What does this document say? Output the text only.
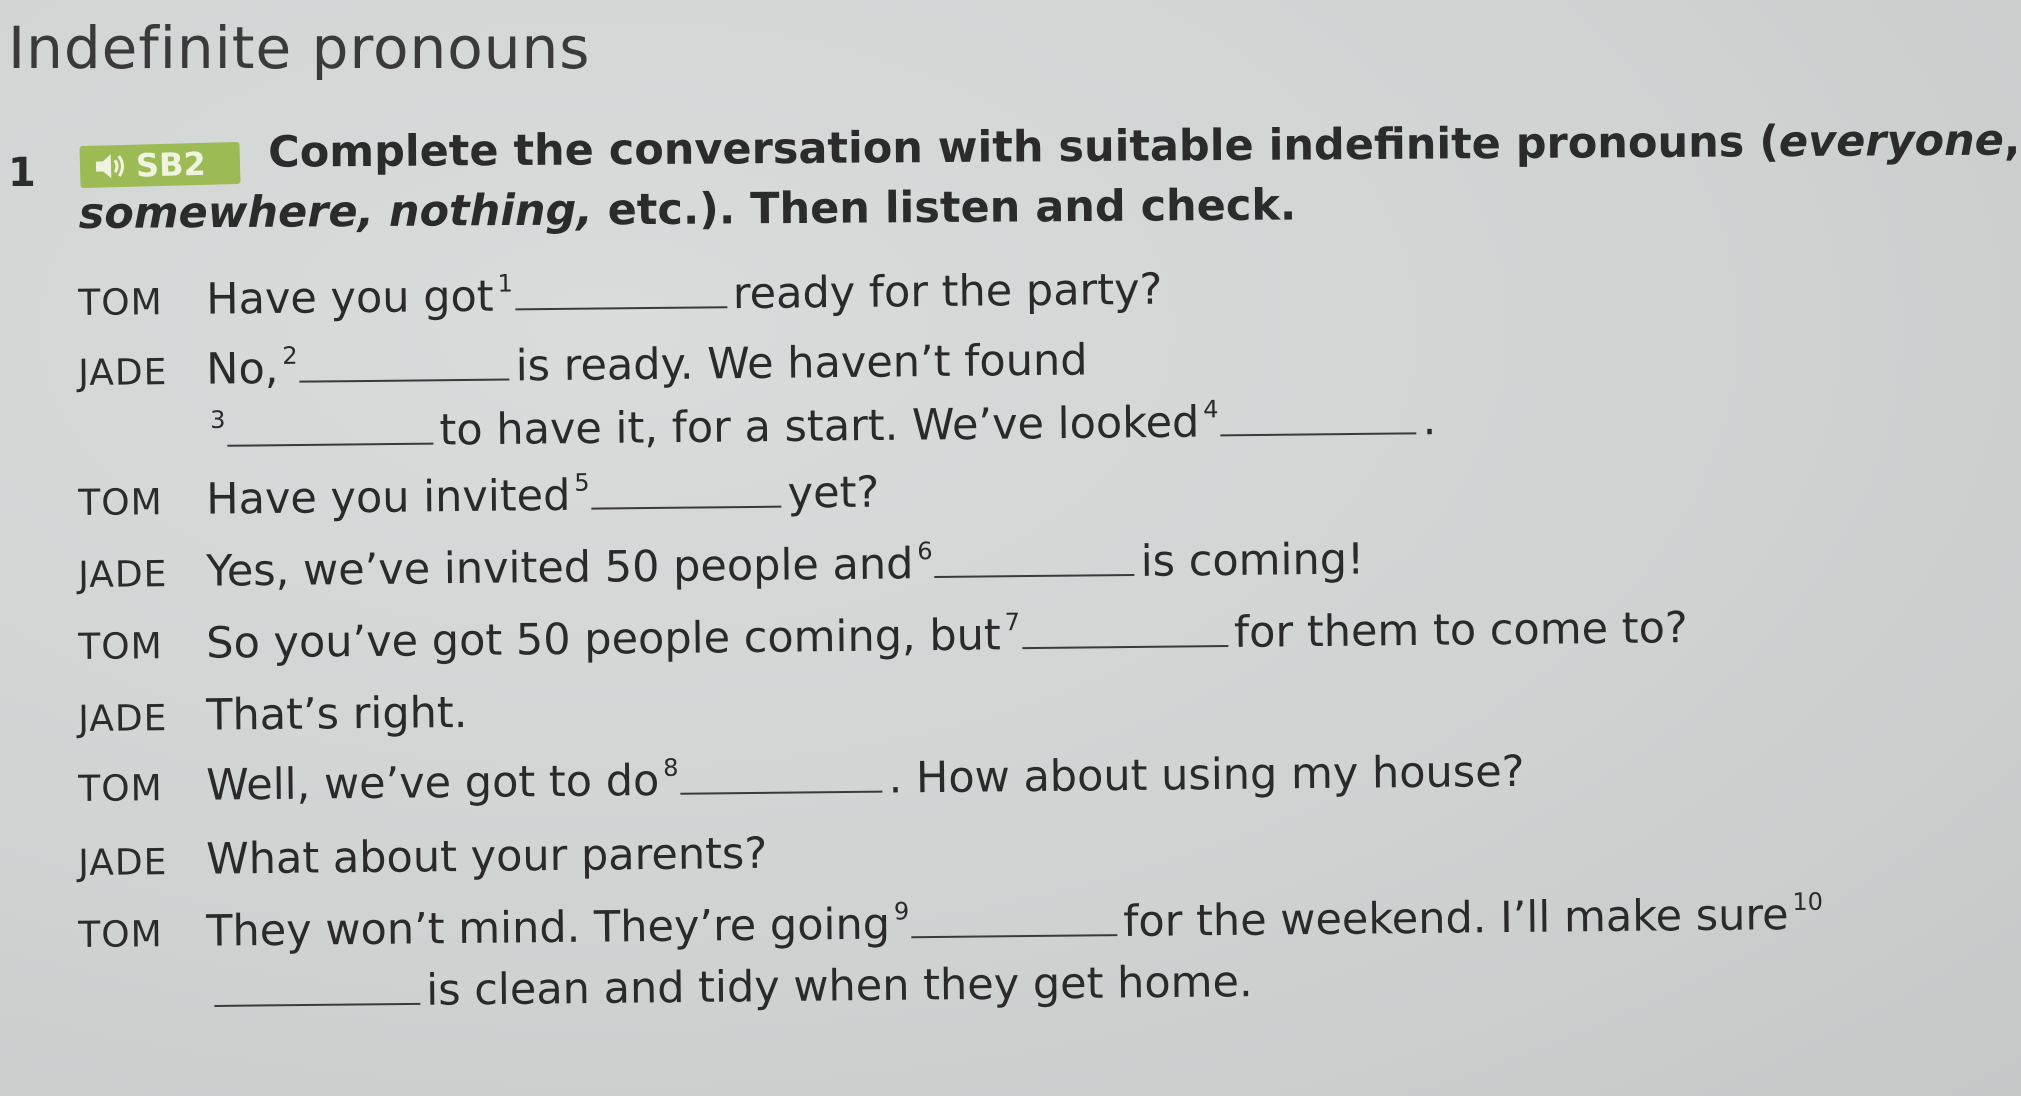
Indefinite pronouns
1	SB2	Complete the conversation with suitable indefinite pronouns (everyone,
somewhere, nothing, etc.). Then listen and check.
TOM Have you got $^1$	ready for the party?
JADE No, $^2$	is ready. We haven’t found
$^3$	to have it, for a start. We’ve looked $^4$	.
TOM Have you invited $^5$	yet?
JADE Yes, we’ve invited 50 people and $^6$	is coming!
TOM So you’ve got 50 people coming, but $^7$	for them to come to?
JADE That’s right.
TOM Well, we’ve got to do $^8$	. How about using my house?
JADE What about your parents?
TOM They won’t mind. They’re going $^9$	for the weekend. I’ll make sure $^{10}$
is clean and tidy when they get home.
